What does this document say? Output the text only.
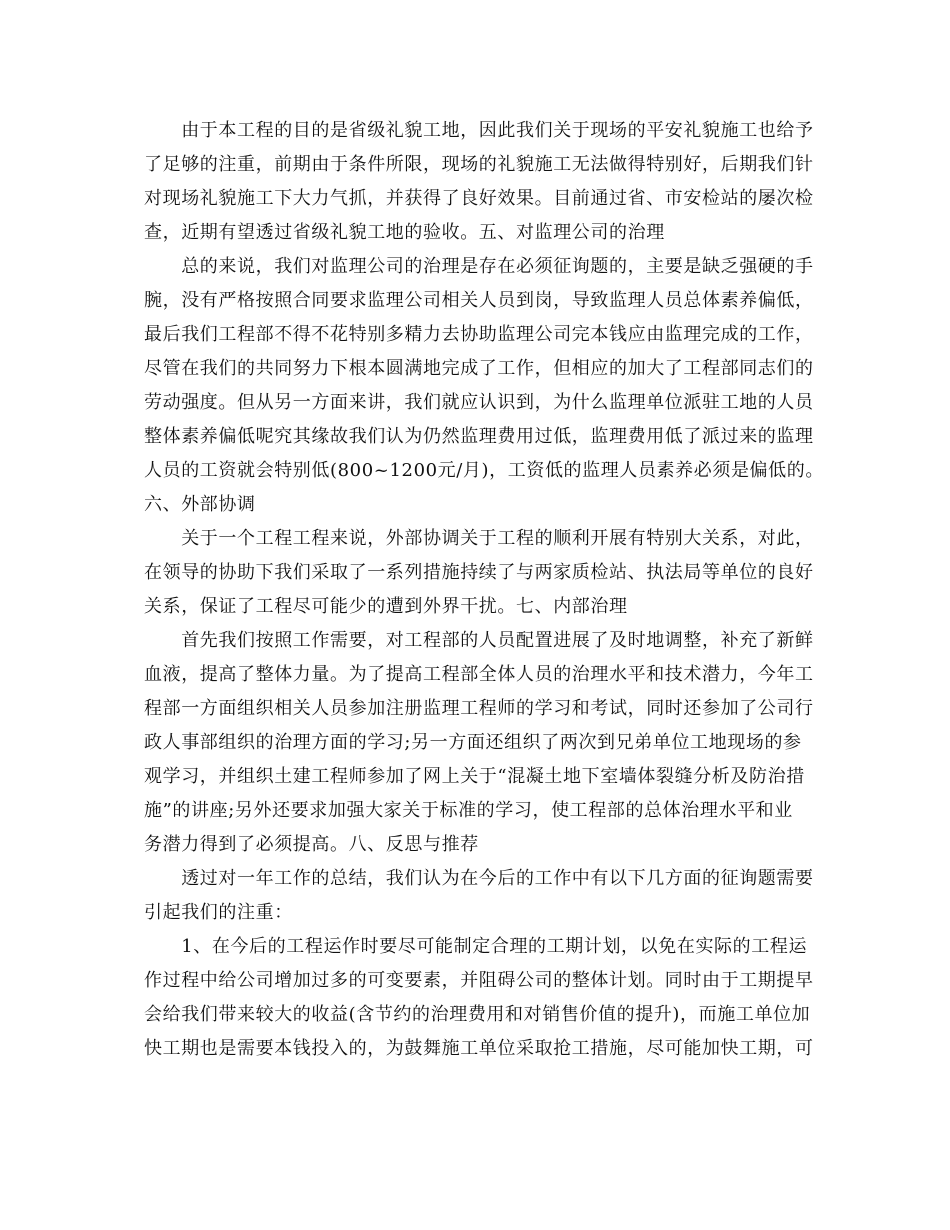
　　由于本工程的目的是省级礼貌工地，因此我们关于现场的平安礼貌施工也给予
了足够的注重，前期由于条件所限，现场的礼貌施工无法做得特别好，后期我们针
对现场礼貌施工下大力气抓，并获得了良好效果。目前通过省、市安检站的屡次检
查，近期有望透过省级礼貌工地的验收。五、对监理公司的治理
　　总的来说，我们对监理公司的治理是存在必须征询题的，主要是缺乏强硬的手
腕，没有严格按照合同要求监理公司相关人员到岗，导致监理人员总体素养偏低，
最后我们工程部不得不花特别多精力去协助监理公司完本钱应由监理完成的工作，
尽管在我们的共同努力下根本圆满地完成了工作，但相应的加大了工程部同志们的
劳动强度。但从另一方面来讲，我们就应认识到，为什么监理单位派驻工地的人员
整体素养偏低呢究其缘故我们认为仍然监理费用过低，监理费用低了派过来的监理
人员的工资就会特别低(800~1200元/月)，工资低的监理人员素养必须是偏低的。
六、外部协调
　　关于一个工程工程来说，外部协调关于工程的顺利开展有特别大关系，对此，
在领导的协助下我们采取了一系列措施持续了与两家质检站、执法局等单位的良好
关系，保证了工程尽可能少的遭到外界干扰。七、内部治理
　　首先我们按照工作需要，对工程部的人员配置进展了及时地调整，补充了新鲜
血液，提高了整体力量。为了提高工程部全体人员的治理水平和技术潜力，今年工
程部一方面组织相关人员参加注册监理工程师的学习和考试，同时还参加了公司行
政人事部组织的治理方面的学习;另一方面还组织了两次到兄弟单位工地现场的参
观学习，并组织土建工程师参加了网上关于“混凝土地下室墙体裂缝分析及防治措
施”的讲座;另外还要求加强大家关于标准的学习，使工程部的总体治理水平和业
务潜力得到了必须提高。八、反思与推荐
　　透过对一年工作的总结，我们认为在今后的工作中有以下几方面的征询题需要
引起我们的注重：
　　1、在今后的工程运作时要尽可能制定合理的工期计划，以免在实际的工程运
作过程中给公司增加过多的可变要素，并阻碍公司的整体计划。同时由于工期提早
会给我们带来较大的收益(含节约的治理费用和对销售价值的提升)，而施工单位加
快工期也是需要本钱投入的，为鼓舞施工单位采取抢工措施，尽可能加快工期，可
